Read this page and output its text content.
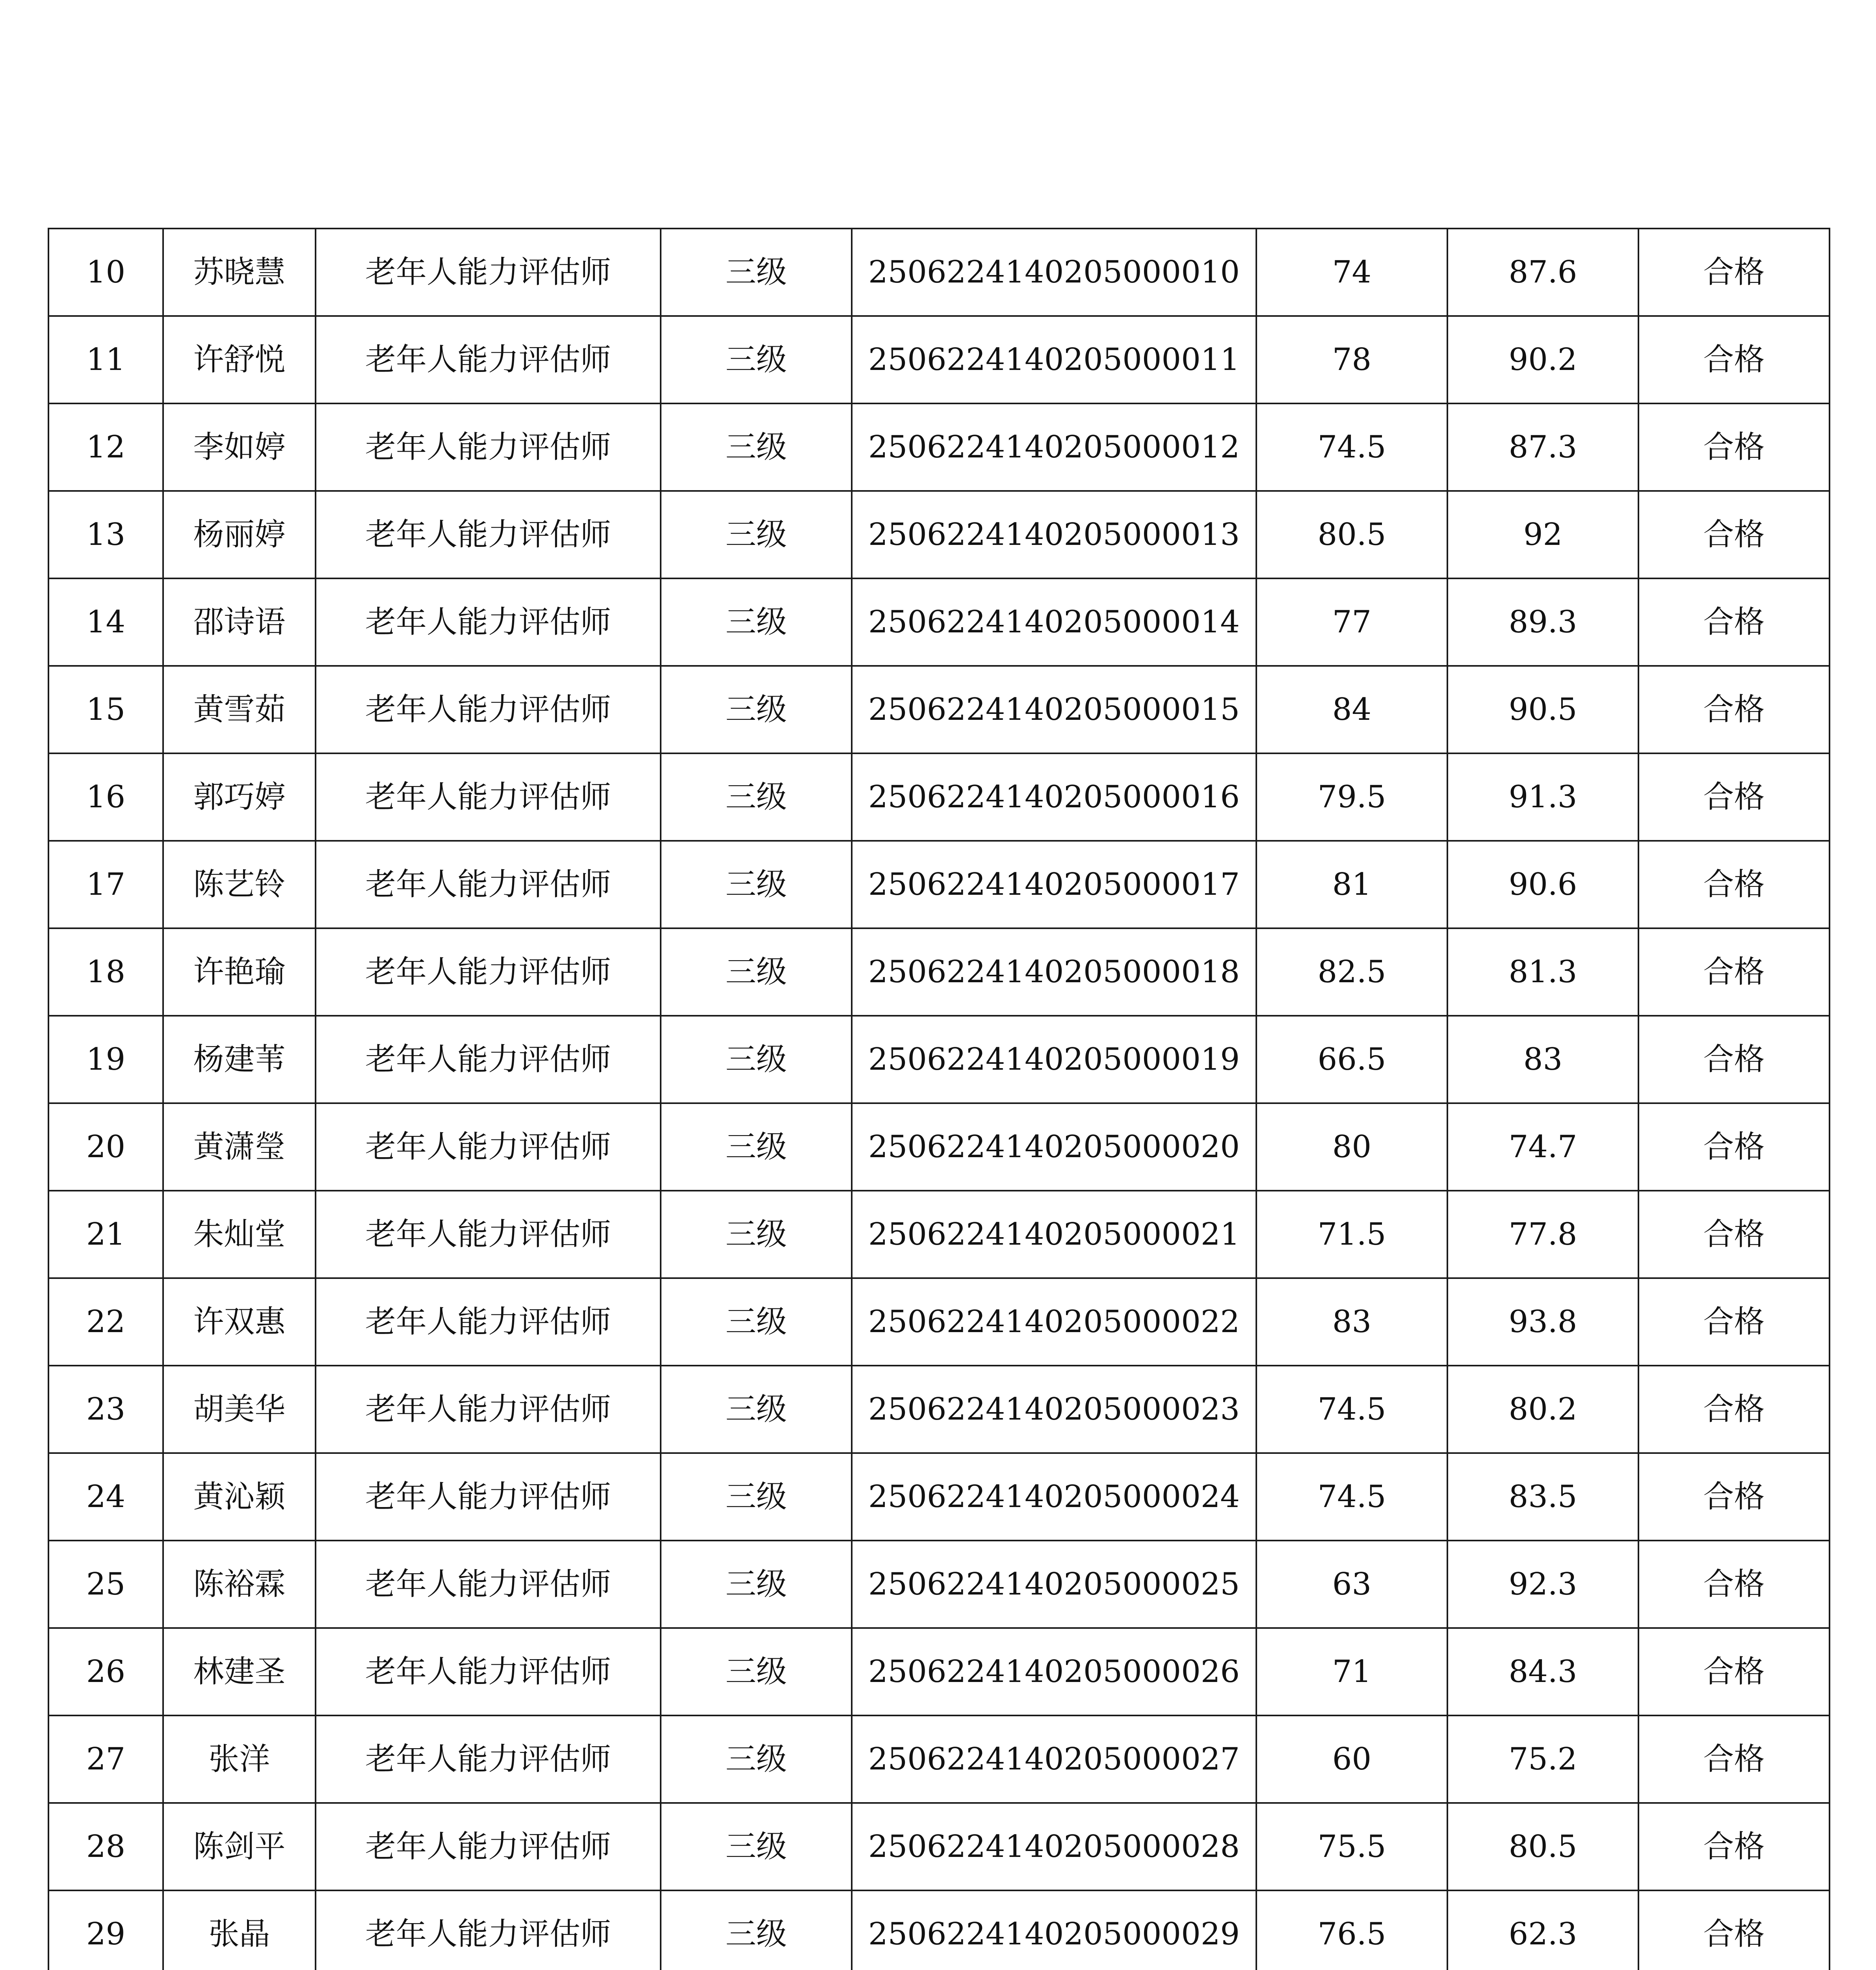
10	苏晓慧	老年人能力评估师	三级	2506224140205000010	74	87.6	合格
11	许舒悦	老年人能力评估师	三级	2506224140205000011	78	90.2	合格
12	李如婷	老年人能力评估师	三级	2506224140205000012	74.5	87.3	合格
13	杨丽婷	老年人能力评估师	三级	2506224140205000013	80.5	92	合格
14	邵诗语	老年人能力评估师	三级	2506224140205000014	77	89.3	合格
15	黄雪茹	老年人能力评估师	三级	2506224140205000015	84	90.5	合格
16	郭巧婷	老年人能力评估师	三级	2506224140205000016	79.5	91.3	合格
17	陈艺铃	老年人能力评估师	三级	2506224140205000017	81	90.6	合格
18	许艳瑜	老年人能力评估师	三级	2506224140205000018	82.5	81.3	合格
19	杨建苇	老年人能力评估师	三级	2506224140205000019	66.5	83	合格
20	黄潇瑩	老年人能力评估师	三级	2506224140205000020	80	74.7	合格
21	朱灿堂	老年人能力评估师	三级	2506224140205000021	71.5	77.8	合格
22	许双惠	老年人能力评估师	三级	2506224140205000022	83	93.8	合格
23	胡美华	老年人能力评估师	三级	2506224140205000023	74.5	80.2	合格
24	黄沁颖	老年人能力评估师	三级	2506224140205000024	74.5	83.5	合格
25	陈裕霖	老年人能力评估师	三级	2506224140205000025	63	92.3	合格
26	林建圣	老年人能力评估师	三级	2506224140205000026	71	84.3	合格
27	张洋	老年人能力评估师	三级	2506224140205000027	60	75.2	合格
28	陈剑平	老年人能力评估师	三级	2506224140205000028	75.5	80.5	合格
29	张晶	老年人能力评估师	三级	2506224140205000029	76.5	62.3	合格
